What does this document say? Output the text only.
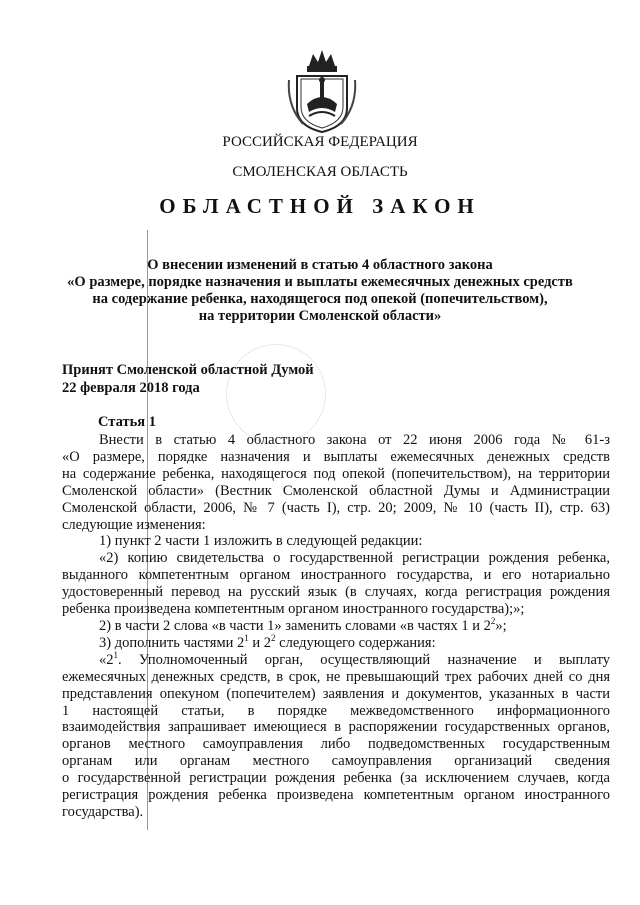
РОССИЙСКАЯ ФЕДЕРАЦИЯ
СМОЛЕНСКАЯ ОБЛАСТЬ
ОБЛАСТНОЙ ЗАКОН
О внесении изменений в статью 4 областного закона
«О размере, порядке назначения и выплаты ежемесячных денежных средств
на содержание ребенка, находящегося под опекой (попечительством),
на территории Смоленской области»
Принят Смоленской областной Думой
22 февраля 2018 года
Статья 1
Внести в статью 4 областного закона от 22 июня 2006 года № 61-з
«О размере, порядке назначения и выплаты ежемесячных денежных средств
на содержание ребенка, находящегося под опекой (попечительством), на территории
Смоленской области» (Вестник Смоленской областной Думы и Администрации
Смоленской области, 2006, № 7 (часть I), стр. 20; 2009, № 10 (часть II), стр. 63)
следующие изменения:
1) пункт 2 части 1 изложить в следующей редакции:
«2) копию свидетельства о государственной регистрации рождения ребенка,
выданного компетентным органом иностранного государства, и его нотариально
удостоверенный перевод на русский язык (в случаях, когда регистрация рождения
ребенка произведена компетентным органом иностранного государства);»;
2) в части 2 слова «в части 1» заменить словами «в частях 1 и $2^2$»;
3) дополнить частями $2^1$ и $2^2$ следующего содержания:
«$2^1$. Уполномоченный орган, осуществляющий назначение и выплату
ежемесячных денежных средств, в срок, не превышающий трех рабочих дней со дня
представления опекуном (попечителем) заявления и документов, указанных в части
1 настоящей статьи, в порядке межведомственного информационного
взаимодействия запрашивает имеющиеся в распоряжении государственных органов,
органов местного самоуправления либо подведомственных государственным
органам или органам местного самоуправления организаций сведения
о государственной регистрации рождения ребенка (за исключением случаев, когда
регистрация рождения ребенка произведена компетентным органом иностранного
государства).
